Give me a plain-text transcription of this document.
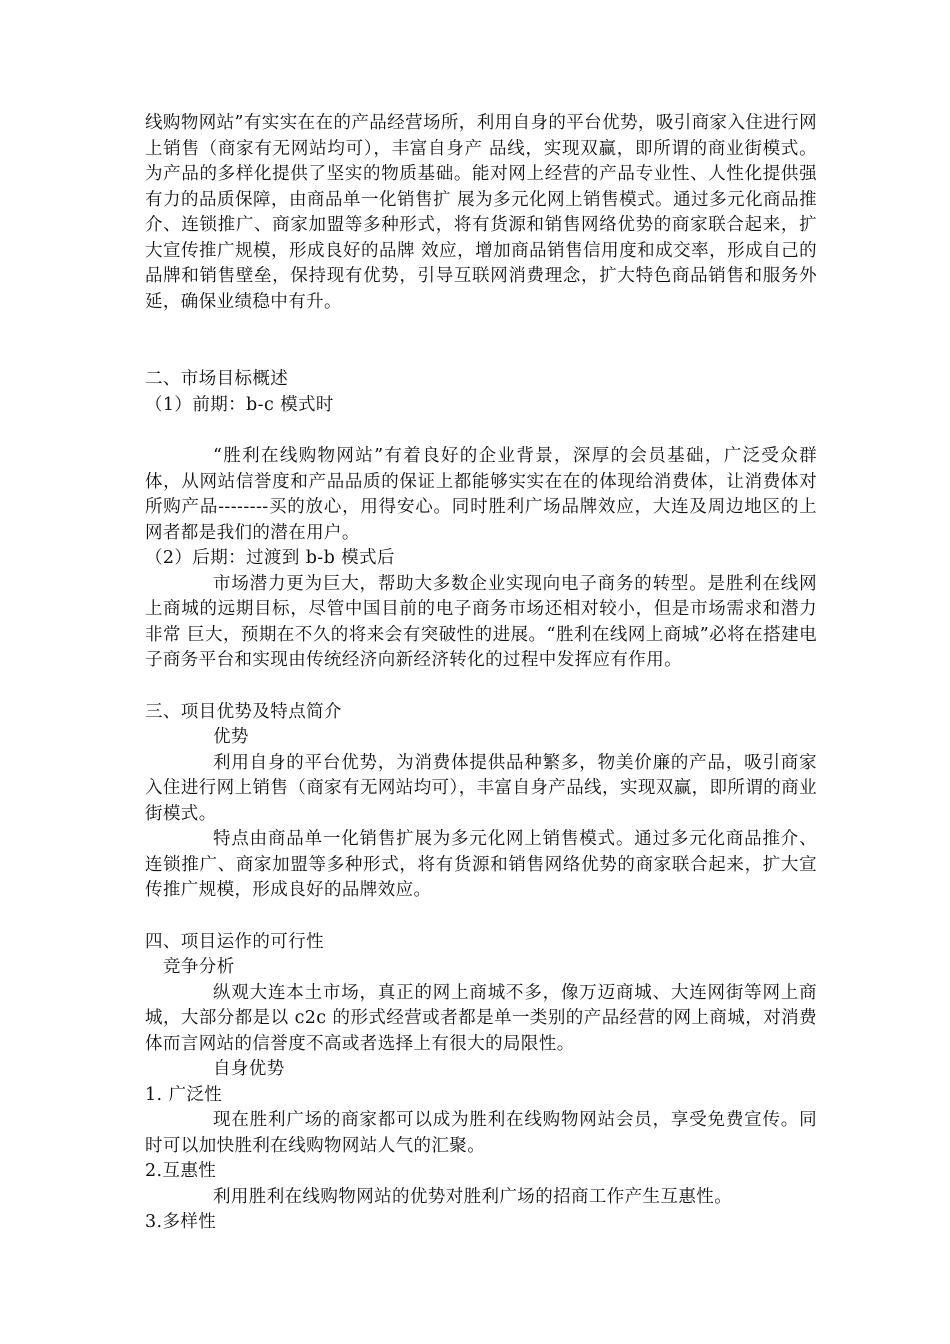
线购物网站”有实实在在的产品经营场所，利用自身的平台优势，吸引商家入住进行网上销售（商家有无网站均可），丰富自身产 品线，实现双赢，即所谓的商业街模式。为产品的多样化提供了坚实的物质基础。能对网上经营的产品专业性、人性化提供强有力的品质保障，由商品单一化销售扩 展为多元化网上销售模式。通过多元化商品推介、连锁推广、商家加盟等多种形式，将有货源和销售网络优势的商家联合起来，扩大宣传推广规模，形成良好的品牌 效应，增加商品销售信用度和成交率，形成自己的品牌和销售壁垒，保持现有优势，引导互联网消费理念，扩大特色商品销售和服务外延，确保业绩稳中有升。

二、市场目标概述

（1）前期：b-c 模式时

“胜利在线购物网站”有着良好的企业背景，深厚的会员基础，广泛受众群体，从网站信誉度和产品品质的保证上都能够实实在在的体现给消费体，让消费体对所购产品--------买的放心，用得安心。同时胜利广场品牌效应，大连及周边地区的上网者都是我们的潜在用户。

（2）后期：过渡到 b-b 模式后

市场潜力更为巨大，帮助大多数企业实现向电子商务的转型。是胜利在线网上商城的远期目标，尽管中国目前的电子商务市场还相对较小，但是市场需求和潜力非常 巨大，预期在不久的将来会有突破性的进展。“胜利在线网上商城”必将在搭建电子商务平台和实现由传统经济向新经济转化的过程中发挥应有作用。

三、项目优势及特点简介

优势

利用自身的平台优势，为消费体提供品种繁多，物美价廉的产品，吸引商家入住进行网上销售（商家有无网站均可），丰富自身产品线，实现双赢，即所谓的商业街模式。

特点由商品单一化销售扩展为多元化网上销售模式。通过多元化商品推介、连锁推广、商家加盟等多种形式，将有货源和销售网络优势的商家联合起来，扩大宣传推广规模，形成良好的品牌效应。

四、项目运作的可行性

竞争分析

纵观大连本土市场，真正的网上商城不多，像万迈商城、大连网街等网上商城，大部分都是以 c2c 的形式经营或者都是单一类别的产品经营的网上商城，对消费体而言网站的信誉度不高或者选择上有很大的局限性。

自身优势

1. 广泛性

现在胜利广场的商家都可以成为胜利在线购物网站会员，享受免费宣传。同时可以加快胜利在线购物网站人气的汇聚。

2.互惠性

利用胜利在线购物网站的优势对胜利广场的招商工作产生互惠性。

3.多样性
